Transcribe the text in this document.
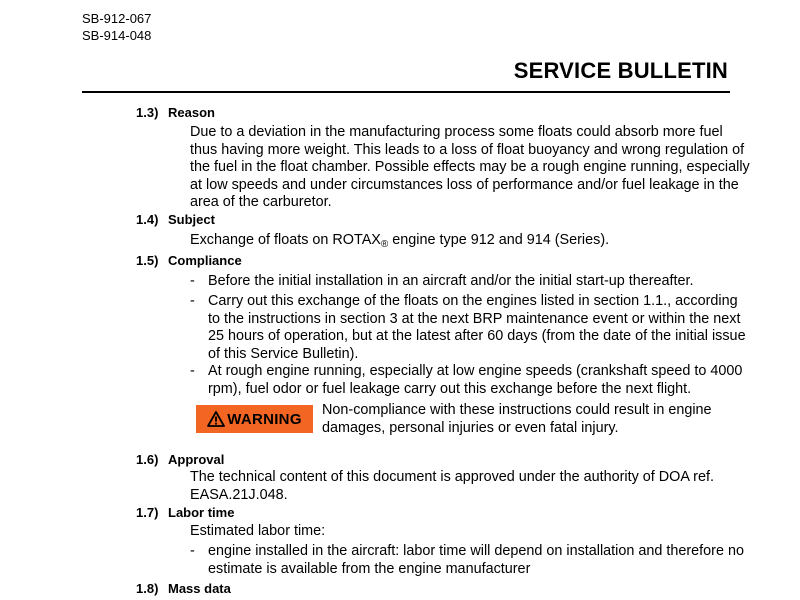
SB-912-067
SB-914-048
SERVICE BULLETIN
1.3) Reason
Due to a deviation in the manufacturing process some floats could absorb more fuel thus having more weight. This leads to a loss of float buoyancy and wrong regulation of the fuel in the float chamber. Possible effects may be a rough engine running, especially at low speeds and under circumstances loss of performance and/or fuel leakage in the area of the carburetor.
1.4) Subject
Exchange of floats on $ROTAX_®$ engine type 912 and 914 (Series).
1.5) Compliance
- Before the initial installation in an aircraft and/or the initial start-up thereafter.
- Carry out this exchange of the floats on the engines listed in section 1.1., according to the instructions in section 3 at the next BRP maintenance event or within the next 25 hours of operation, but at the latest after 60 days (from the date of the initial issue of this Service Bulletin).
- At rough engine running, especially at low engine speeds (crankshaft speed to 4000 rpm), fuel odor or fuel leakage carry out this exchange before the next flight.
WARNING
Non-compliance with these instructions could result in engine damages, personal injuries or even fatal injury.
1.6) Approval
The technical content of this document is approved under the authority of DOA ref. EASA.21J.048.
1.7) Labor time
Estimated labor time:
- engine installed in the aircraft: labor time will depend on installation and therefore no estimate is available from the engine manufacturer
1.8) Mass data
